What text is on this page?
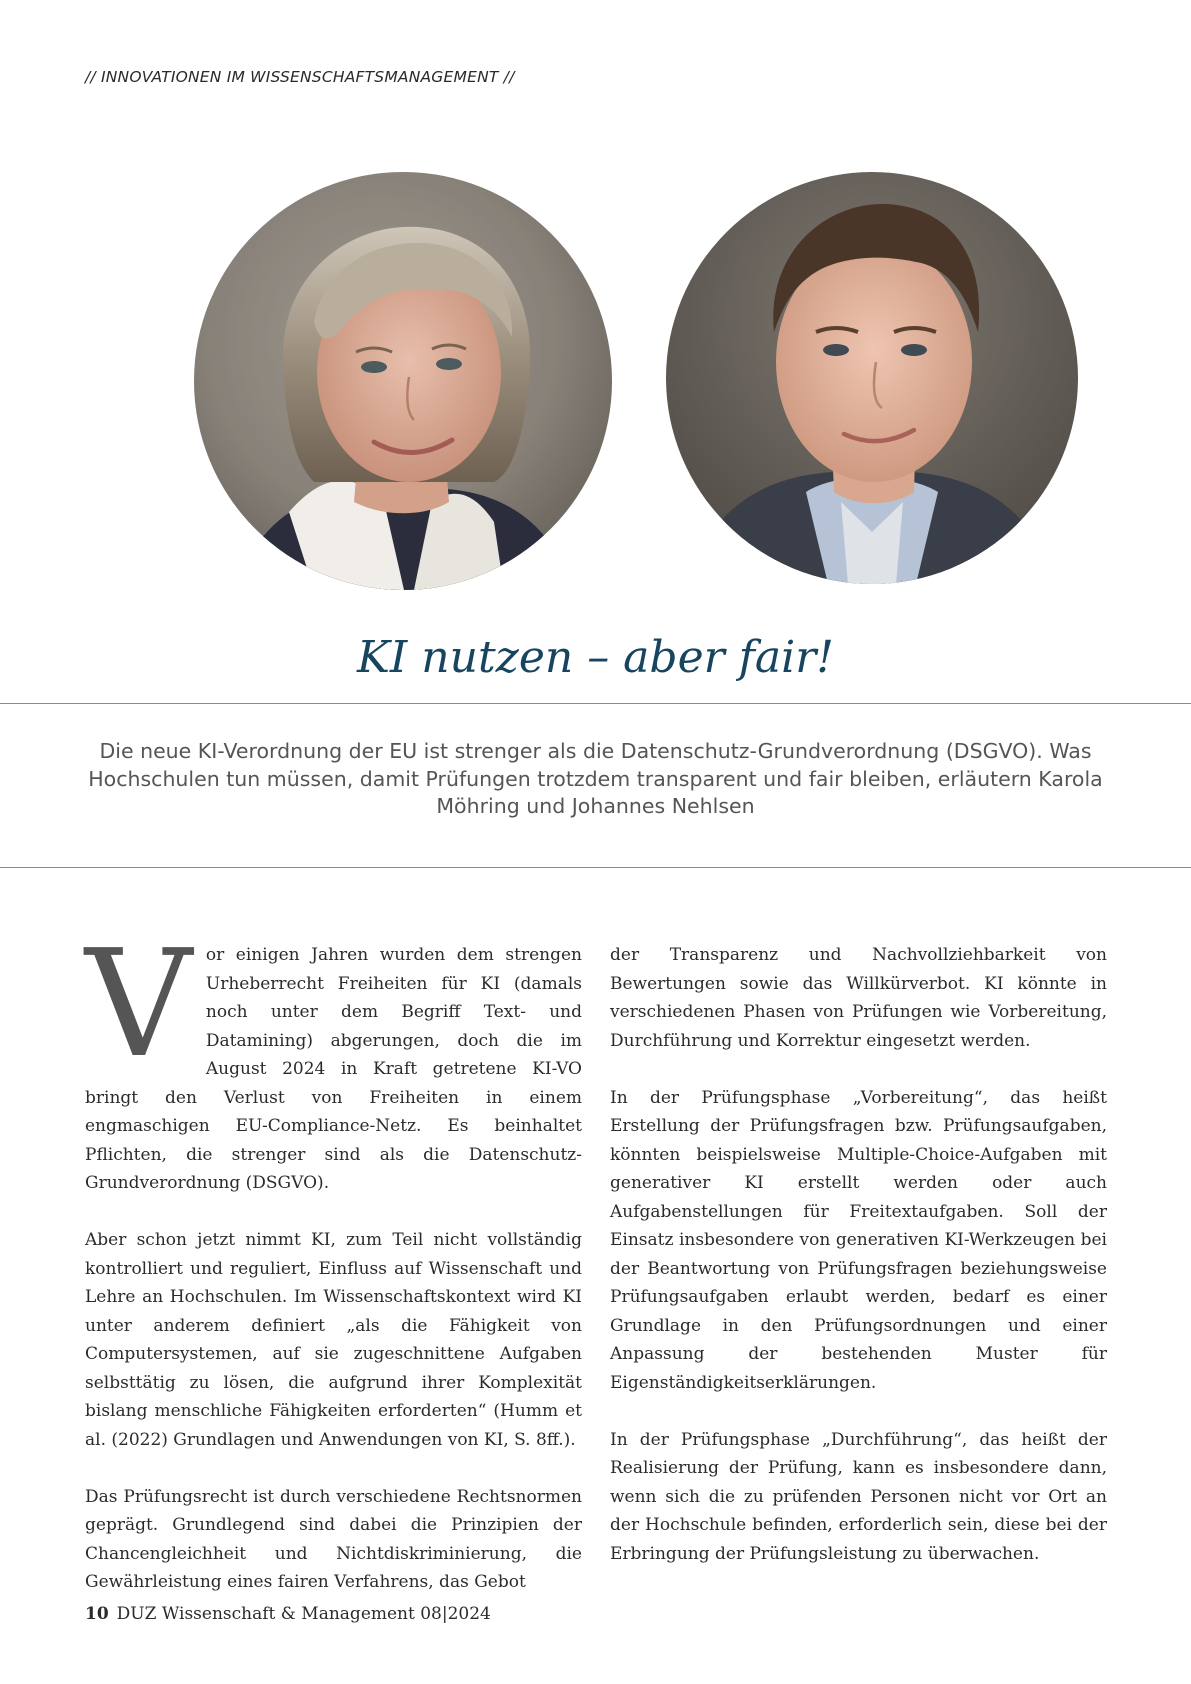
// INNOVATIONEN IM WISSENSCHAFTSMANAGEMENT //
KI nutzen – aber fair!

Die neue KI-Verordnung der EU ist strenger als die Datenschutz-Grundverordnung (DSGVO). Was Hochschulen tun müssen, damit Prüfungen trotzdem transparent und fair bleiben, erläutern Karola Möhring und Johannes Nehlsen

Vor einigen Jahren wurden dem strengen Urheberrecht Freiheiten für KI (damals noch unter dem Begriff Text- und Datamining) abgerungen, doch die im August 2024 in Kraft getretene KI-VO bringt den Verlust von Freiheiten in einem engmaschigen EU-Compliance-Netz. Es beinhaltet Pflichten, die strenger sind als die Datenschutz-Grundverordnung (DSGVO).

Aber schon jetzt nimmt KI, zum Teil nicht vollständig kontrolliert und reguliert, Einfluss auf Wissenschaft und Lehre an Hochschulen. Im Wissenschaftskontext wird KI unter anderem definiert „als die Fähigkeit von Computersystemen, auf sie zugeschnittene Aufgaben selbsttätig zu lösen, die aufgrund ihrer Komplexität bislang menschliche Fähigkeiten erforderten“ (Humm et al. (2022) Grundlagen und Anwendungen von KI, S. 8ff.).

Das Prüfungsrecht ist durch verschiedene Rechtsnormen geprägt. Grundlegend sind dabei die Prinzipien der Chancengleichheit und Nichtdiskriminierung, die Gewährleistung eines fairen Verfahrens, das Gebot

der Transparenz und Nachvollziehbarkeit von Bewertungen sowie das Willkürverbot. KI könnte in verschiedenen Phasen von Prüfungen wie Vorbereitung, Durchführung und Korrektur eingesetzt werden.

In der Prüfungsphase „Vorbereitung“, das heißt Erstellung der Prüfungsfragen bzw. Prüfungsaufgaben, könnten beispielsweise Multiple-Choice-Aufgaben mit generativer KI erstellt werden oder auch Aufgabenstellungen für Freitextaufgaben. Soll der Einsatz insbesondere von generativen KI-Werkzeugen bei der Beantwortung von Prüfungsfragen beziehungsweise Prüfungsaufgaben erlaubt werden, bedarf es einer Grundlage in den Prüfungsordnungen und einer Anpassung der bestehenden Muster für Eigenständigkeitserklärungen.

In der Prüfungsphase „Durchführung“, das heißt der Realisierung der Prüfung, kann es insbesondere dann, wenn sich die zu prüfenden Personen nicht vor Ort an der Hochschule befinden, erforderlich sein, diese bei der Erbringung der Prüfungsleistung zu überwachen.

10 DUZ Wissenschaft & Management 08|2024
